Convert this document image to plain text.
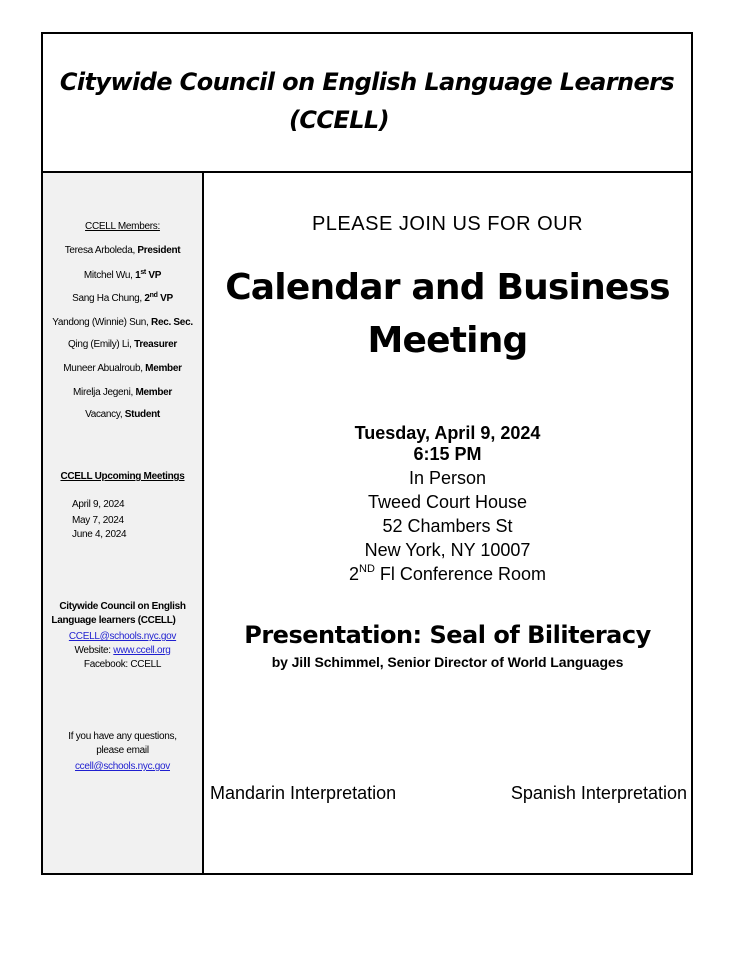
Citywide Council on English Language Learners
(CCELL)
CCELL Members:
Teresa Arboleda, President
Mitchel Wu, 1st VP
Sang Ha Chung, 2nd VP
Yandong (Winnie) Sun, Rec. Sec.
Qing (Emily) Li, Treasurer
Muneer Abualroub, Member
Mirelja Jegeni, Member
Vacancy, Student
CCELL Upcoming Meetings
April 9, 2024
May 7, 2024
June 4, 2024
Citywide Council on English
Language learners (CCELL)
CCELL@schools.nyc.gov
Website: www.ccell.org
Facebook: CCELL
If you have any questions,
please email
ccell@schools.nyc.gov
PLEASE JOIN US FOR OUR
Calendar and Business
Meeting
Tuesday, April 9, 2024
6:15 PM
In Person
Tweed Court House
52 Chambers St
New York, NY 10007
2ND Fl Conference Room
Presentation: Seal of Biliteracy
by Jill Schimmel, Senior Director of World Languages
Mandarin Interpretation	Spanish Interpretation
